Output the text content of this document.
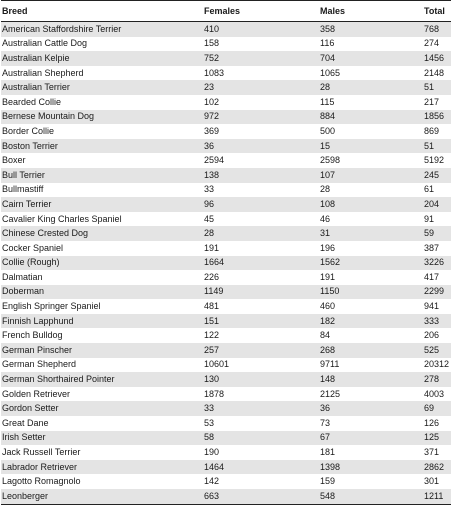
Breed	Females	Males	Total
American Staffordshire Terrier	410	358	768
Australian Cattle Dog	158	116	274
Australian Kelpie	752	704	1456
Australian Shepherd	1083	1065	2148
Australian Terrier	23	28	51
Bearded Collie	102	115	217
Bernese Mountain Dog	972	884	1856
Border Collie	369	500	869
Boston Terrier	36	15	51
Boxer	2594	2598	5192
Bull Terrier	138	107	245
Bullmastiff	33	28	61
Cairn Terrier	96	108	204
Cavalier King Charles Spaniel	45	46	91
Chinese Crested Dog	28	31	59
Cocker Spaniel	191	196	387
Collie (Rough)	1664	1562	3226
Dalmatian	226	191	417
Doberman	1149	1150	2299
English Springer Spaniel	481	460	941
Finnish Lapphund	151	182	333
French Bulldog	122	84	206
German Pinscher	257	268	525
German Shepherd	10601	9711	20312
German Shorthaired Pointer	130	148	278
Golden Retriever	1878	2125	4003
Gordon Setter	33	36	69
Great Dane	53	73	126
Irish Setter	58	67	125
Jack Russell Terrier	190	181	371
Labrador Retriever	1464	1398	2862
Lagotto Romagnolo	142	159	301
Leonberger	663	548	1211
